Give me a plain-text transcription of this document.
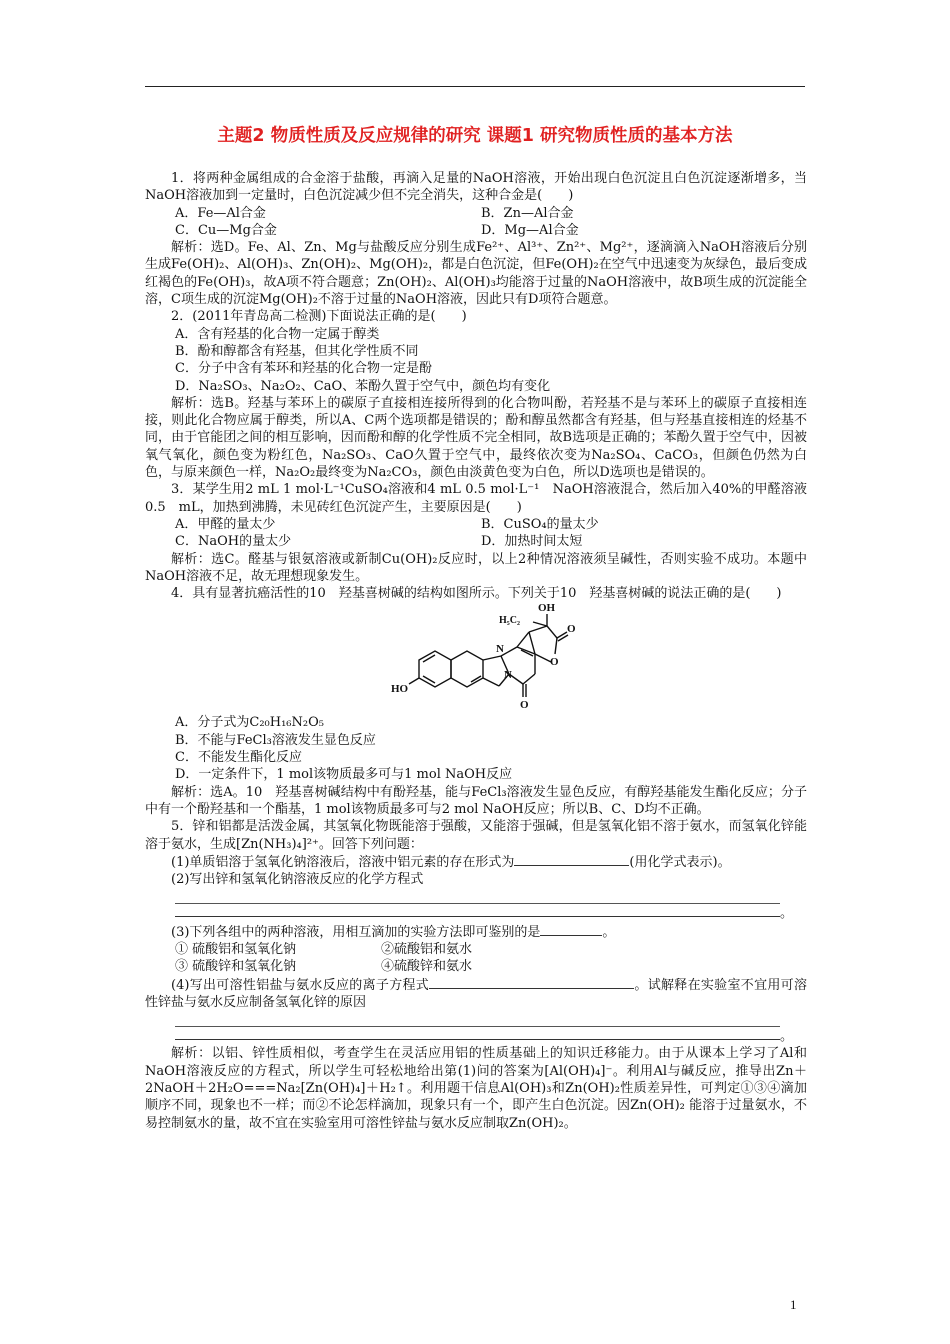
主题2 物质性质及反应规律的研究 课题1 研究物质性质的基本方法

1．将两种金属组成的合金溶于盐酸，再滴入足量的NaOH溶液，开始出现白色沉淀且白色沉淀逐渐增多，当NaOH溶液加到一定量时，白色沉淀减少但不完全消失，这种合金是(　　)

A．Fe—Al合金	B．Zn—Al合金
C．Cu—Mg合金	D．Mg—Al合金

解析：选D。Fe、Al、Zn、Mg与盐酸反应分别生成Fe²⁺、Al³⁺、Zn²⁺、Mg²⁺，逐滴滴入NaOH溶液后分别生成Fe(OH)₂、Al(OH)₃、Zn(OH)₂、Mg(OH)₂，都是白色沉淀，但Fe(OH)₂在空气中迅速变为灰绿色，最后变成红褐色的Fe(OH)₃，故A项不符合题意；Zn(OH)₂、Al(OH)₃均能溶于过量的NaOH溶液中，故B项生成的沉淀能全溶，C项生成的沉淀Mg(OH)₂不溶于过量的NaOH溶液，因此只有D项符合题意。

2．(2011年青岛高二检测)下面说法正确的是(　　)

A．含有羟基的化合物一定属于醇类

B．酚和醇都含有羟基，但其化学性质不同

C．分子中含有苯环和羟基的化合物一定是酚

D．Na₂SO₃、Na₂O₂、CaO、苯酚久置于空气中，颜色均有变化

解析：选B。羟基与苯环上的碳原子直接相连接所得到的化合物叫酚，若羟基不是与苯环上的碳原子直接相连接，则此化合物应属于醇类，所以A、C两个选项都是错误的；酚和醇虽然都含有羟基，但与羟基直接相连的烃基不同，由于官能团之间的相互影响，因而酚和醇的化学性质不完全相同，故B选项是正确的；苯酚久置于空气中，因被氧气氧化，颜色变为粉红色，Na₂SO₃、CaO久置于空气中，最终依次变为Na₂SO₄、CaCO₃，但颜色仍然为白色，与原来颜色一样，Na₂O₂最终变为Na₂CO₃，颜色由淡黄色变为白色，所以D选项也是错误的。

3．某学生用2 mL 1 mol·L⁻¹CuSO₄溶液和4 mL 0.5 mol·L⁻¹　NaOH溶液混合，然后加入40%的甲醛溶液 0.5　mL，加热到沸腾，未见砖红色沉淀产生，主要原因是(　　)

A．甲醛的量太少	B．CuSO₄的量太少
C．NaOH的量太少	D．加热时间太短

解析：选C。醛基与银氨溶液或新制Cu(OH)₂反应时，以上2种情况溶液须呈碱性，否则实验不成功。本题中NaOH溶液不足，故无理想现象发生。

4．具有显著抗癌活性的10　羟基喜树碱的结构如图所示。下列关于10　羟基喜树碱的说法正确的是(　　)

OH
H₅C₂
N
N
O
O
O
HO

A．分子式为C₂₀H₁₆N₂O₅

B．不能与FeCl₃溶液发生显色反应

C．不能发生酯化反应

D．一定条件下，1 mol该物质最多可与1 mol NaOH反应

解析：选A。10　羟基喜树碱结构中有酚羟基，能与FeCl₃溶液发生显色反应，有醇羟基能发生酯化反应；分子中有一个酚羟基和一个酯基，1 mol该物质最多可与2 mol NaOH反应；所以B、C、D均不正确。

5．锌和铝都是活泼金属，其氢氧化物既能溶于强酸，又能溶于强碱，但是氢氧化铝不溶于氨水，而氢氧化锌能溶于氨水，生成[Zn(NH₃)₄]²⁺。回答下列问题：

(1)单质铝溶于氢氧化钠溶液后，溶液中铝元素的存在形式为	(用化学式表示)。

(2)写出锌和氢氧化钠溶液反应的化学方程式

。

(3)下列各组中的两种溶液，用相互滴加的实验方法即可鉴别的是	。

① 硫酸铝和氢氧化钠	②硫酸铝和氨水
③ 硫酸锌和氢氧化钠	④硫酸锌和氨水

(4)写出可溶性铝盐与氨水反应的离子方程式	。试解释在实验室不宜用可溶性锌盐与氨水反应制备氢氧化锌的原因

。

解析：以铝、锌性质相似，考查学生在灵活应用铝的性质基础上的知识迁移能力。由于从课本上学习了Al和NaOH溶液反应的方程式，所以学生可轻松地给出第(1)问的答案为[Al(OH)₄]⁻。利用Al与碱反应，推导出Zn＋2NaOH＋2H₂O===Na₂[Zn(OH)₄]＋H₂↑。利用题干信息Al(OH)₃和Zn(OH)₂性质差异性，可判定①③④滴加顺序不同，现象也不一样；而②不论怎样滴加，现象只有一个，即产生白色沉淀。因Zn(OH)₂ 能溶于过量氨水，不易控制氨水的量，故不宜在实验室用可溶性锌盐与氨水反应制取Zn(OH)₂。

1
